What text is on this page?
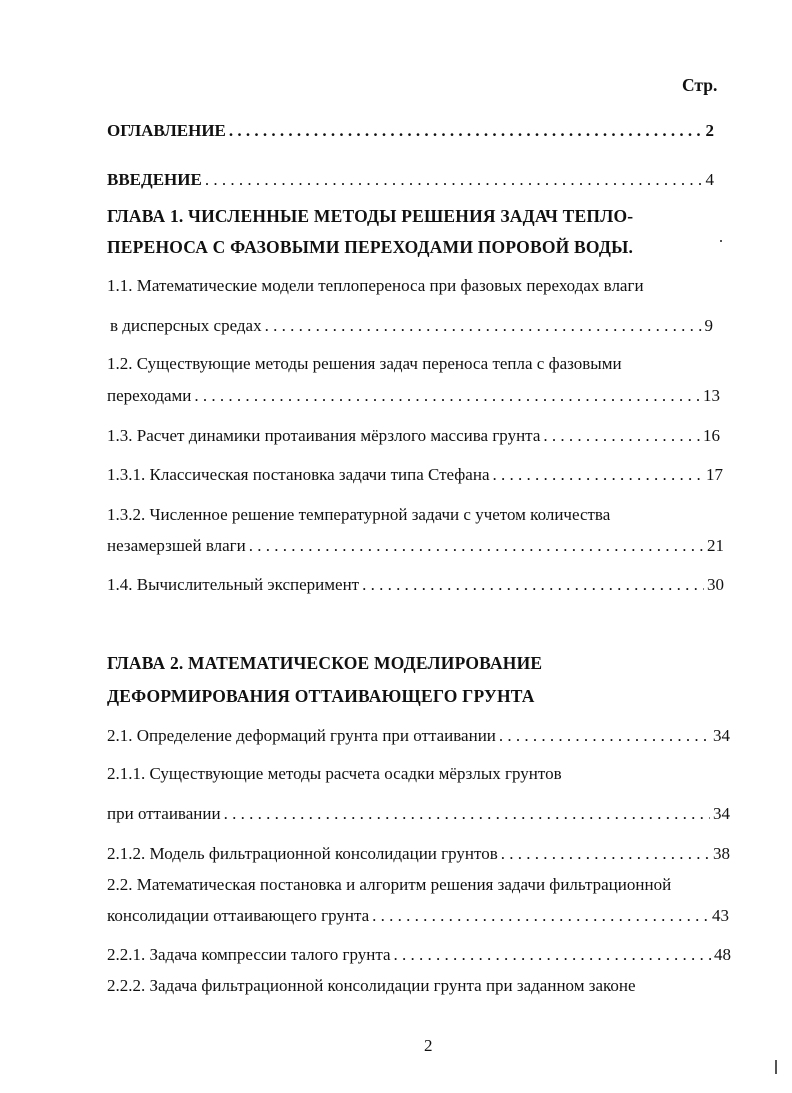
Стр.
ОГЛАВЛЕНИЕ . . .	2
ВВЕДЕНИЕ . . .	4
ГЛАВА 1. ЧИСЛЕННЫЕ МЕТОДЫ РЕШЕНИЯ ЗАДАЧ ТЕПЛО-
ПЕРЕНОСА С ФАЗОВЫМИ ПЕРЕХОДАМИ ПОРОВОЙ ВОДЫ.
1.1. Математические модели теплопереноса при фазовых переходах влаги
в дисперсных средах . . .	9
1.2. Существующие методы решения задач переноса тепла с фазовыми
переходами . . .	13
1.3. Расчет динамики протаивания мёрзлого массива грунта . . .	16
1.3.1. Классическая постановка задачи типа Стефана . . .	17
1.3.2. Численное решение температурной задачи с учетом количества
незамерзшей влаги . . .	21
1.4. Вычислительный эксперимент . . .	30
ГЛАВА 2. МАТЕМАТИЧЕСКОЕ МОДЕЛИРОВАНИЕ
ДЕФОРМИРОВАНИЯ ОТТАИВАЮЩЕГО ГРУНТА
2.1. Определение деформаций грунта при оттаивании . . .	34
2.1.1. Существующие методы расчета осадки мёрзлых грунтов
при оттаивании . . .	34
2.1.2. Модель фильтрационной консолидации грунтов . . .	38
2.2. Математическая постановка и алгоритм решения задачи фильтрационной
консолидации оттаивающего грунта . . .	43
2.2.1. Задача компрессии талого грунта . . .	48
2.2.2. Задача фильтрационной консолидации грунта при заданном законе
2
